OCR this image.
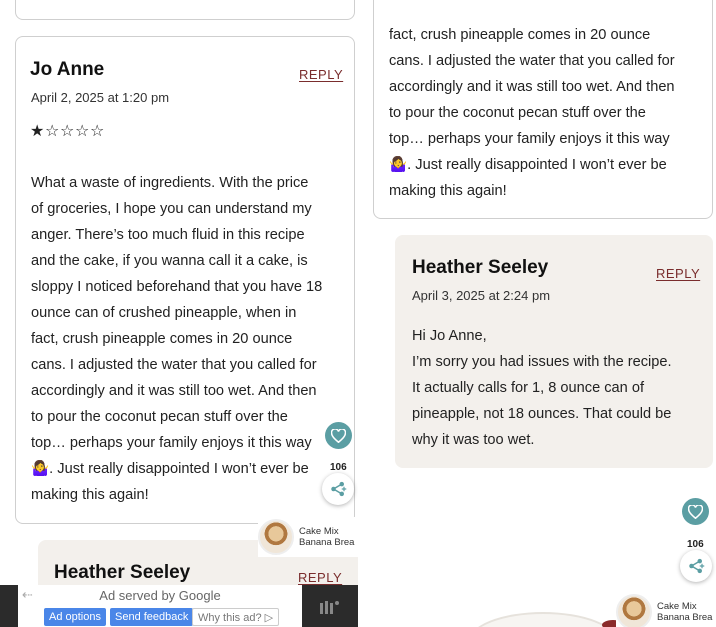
Jo Anne	REPLY
April 2, 2025 at 1:20 pm
★☆☆☆☆
What a waste of ingredients. With the price
of groceries, I hope you can understand my
anger. There’s too much fluid in this recipe
and the cake, if you wanna call it a cake, is
sloppy I noticed beforehand that you have 18
ounce can of crushed pineapple, when in
fact, crush pineapple comes in 20 ounce
cans. I adjusted the water that you called for
accordingly and it was still too wet. And then
to pour the coconut pecan stuff over the
top… perhaps your family enjoys it this way
🤷‍♀️. Just really disappointed I won’t ever be
making this again!
Heather Seeley	REPLY
106
Cake Mix
Banana Brea
⇠	Ad served by Google
Ad options	Send feedback Why this ad? ▷
fact, crush pineapple comes in 20 ounce
cans. I adjusted the water that you called for
accordingly and it was still too wet. And then
to pour the coconut pecan stuff over the
top… perhaps your family enjoys it this way
🤷‍♀️. Just really disappointed I won’t ever be
making this again!
Heather Seeley	REPLY
April 3, 2025 at 2:24 pm
Hi Jo Anne,
I’m sorry you had issues with the recipe.
It actually calls for 1, 8 ounce can of
pineapple, not 18 ounces. That could be
why it was too wet.
106
Cake Mix
Banana Brea
